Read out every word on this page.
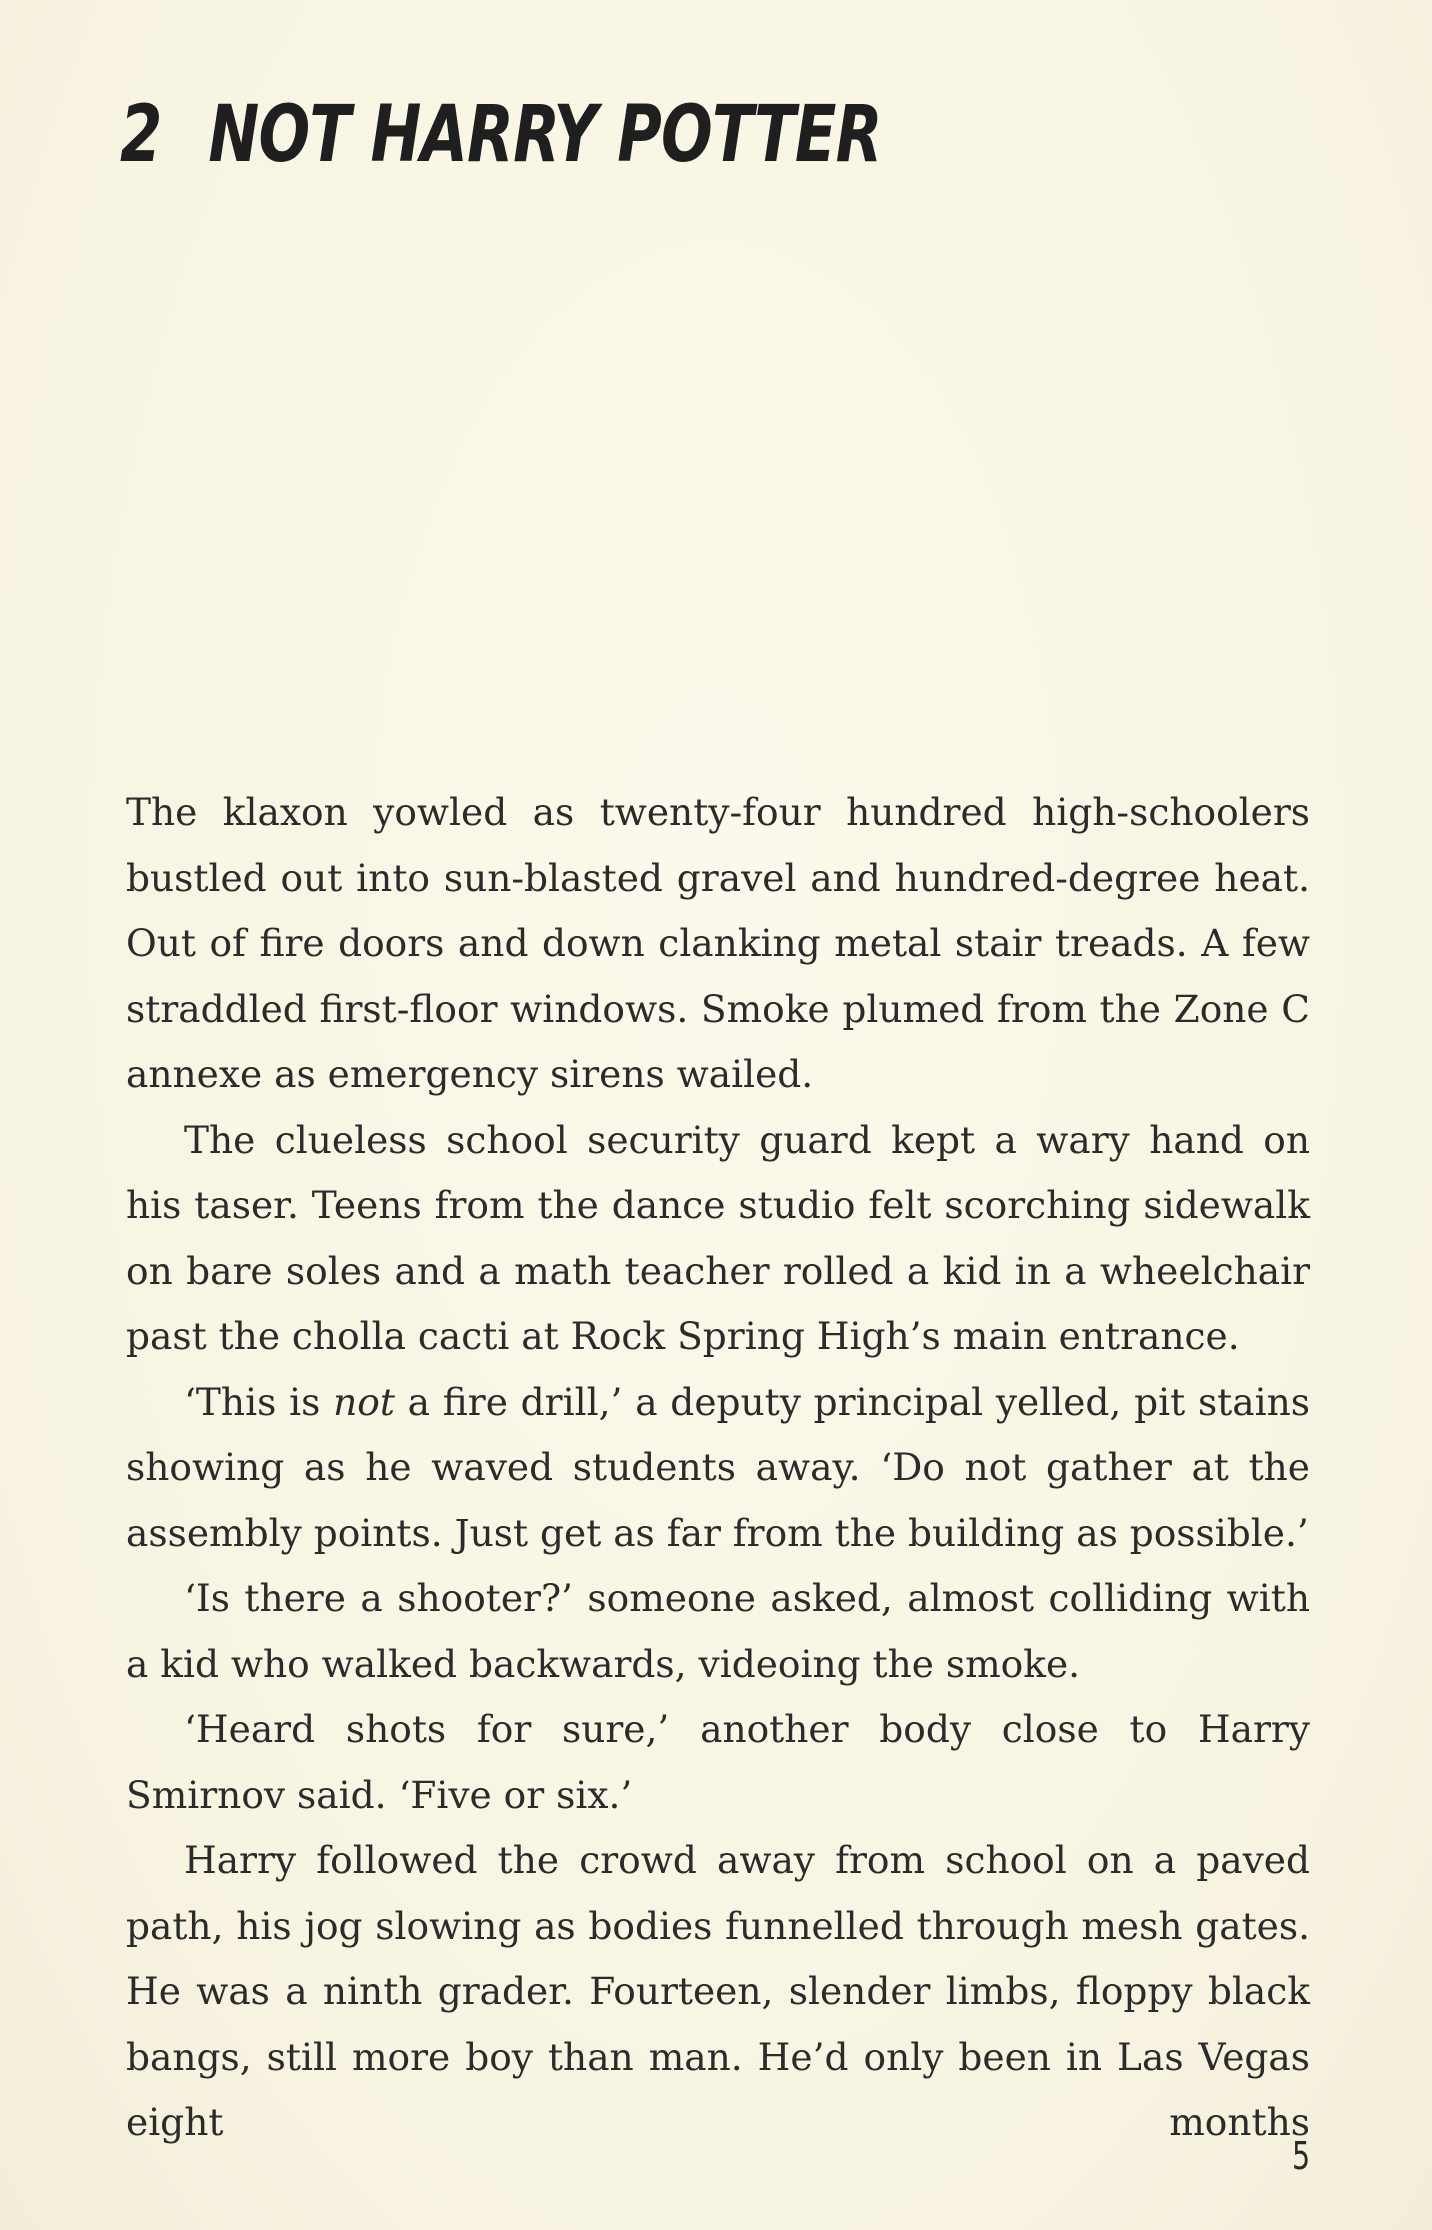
2 NOT HARRY POTTER

The klaxon yowled as twenty-four hundred high-schoolers bustled out into sun-blasted gravel and hundred-degree heat. Out of fire doors and down clanking metal stair treads. A few straddled first-floor windows. Smoke plumed from the Zone C annexe as emergency sirens wailed.

The clueless school security guard kept a wary hand on his taser. Teens from the dance studio felt scorching sidewalk on bare soles and a math teacher rolled a kid in a wheelchair past the cholla cacti at Rock Spring High’s main entrance.

‘This is not a fire drill,’ a deputy principal yelled, pit stains showing as he waved students away. ‘Do not gather at the assembly points. Just get as far from the building as possible.’

‘Is there a shooter?’ someone asked, almost colliding with a kid who walked backwards, videoing the smoke.

‘Heard shots for sure,’ another body close to Harry Smirnov said. ‘Five or six.’

Harry followed the crowd away from school on a paved path, his jog slowing as bodies funnelled through mesh gates. He was a ninth grader. Fourteen, slender limbs, floppy black bangs, still more boy than man. He’d only been in Las Vegas eight months

5
